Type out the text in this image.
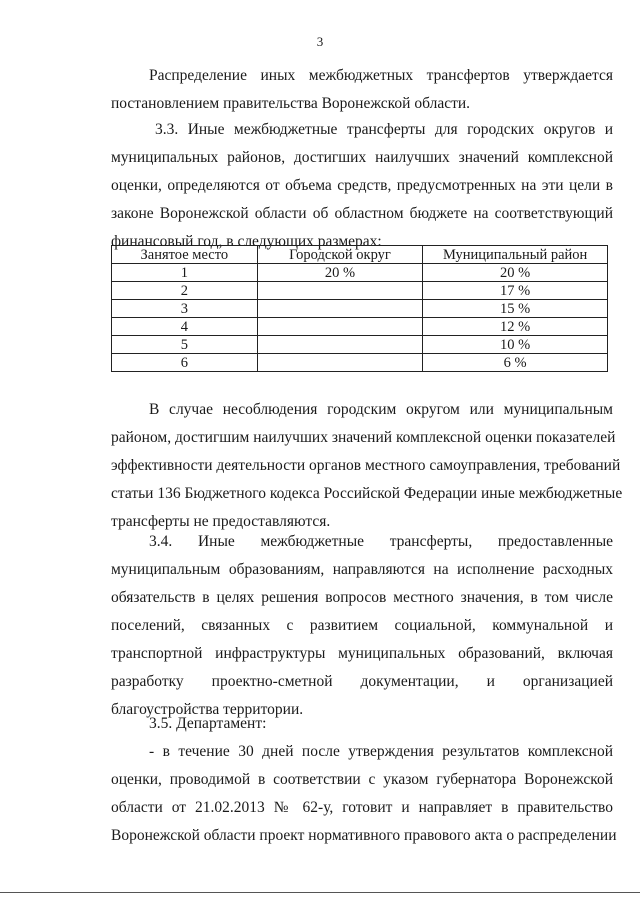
3

Распределение иных межбюджетных трансфертов утверждается
постановлением правительства Воронежской области.

3.3. Иные межбюджетные трансферты для городских округов и
муниципальных районов, достигших наилучших значений комплексной
оценки, определяются от объема средств, предусмотренных на эти цели в
законе Воронежской области об областном бюджете на соответствующий
финансовый год, в следующих размерах:

Занятое место	Городской округ	Муниципальный район
1	20 %	20 %
2		17 %
3		15 %
4		12 %
5		10 %
6		6 %

В случае несоблюдения городским округом или муниципальным
районом, достигшим наилучших значений комплексной оценки показателей
эффективности деятельности органов местного самоуправления, требований
статьи 136 Бюджетного кодекса Российской Федерации иные межбюджетные
трансферты не предоставляются.

3.4. Иные межбюджетные трансферты, предоставленные
муниципальным образованиям, направляются на исполнение расходных
обязательств в целях решения вопросов местного значения, в том числе
поселений, связанных с развитием социальной, коммунальной и
транспортной инфраструктуры муниципальных образований, включая
разработку проектно-сметной документации, и организацией
благоустройства территории.

3.5. Департамент:

- в течение 30 дней после утверждения результатов комплексной
оценки, проводимой в соответствии с указом губернатора Воронежской
области от 21.02.2013 № 62-у, готовит и направляет в правительство
Воронежской области проект нормативного правового акта о распределении
